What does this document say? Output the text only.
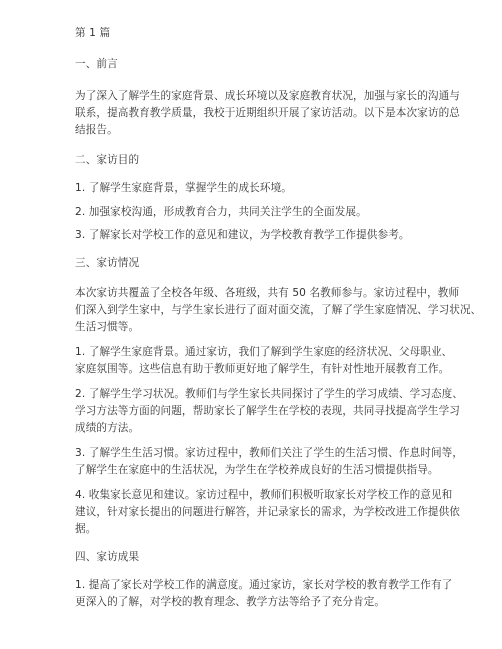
第 1 篇
一、前言
为了深入了解学生的家庭背景、成长环境以及家庭教育状况，加强与家长的沟通与
联系，提高教育教学质量，我校于近期组织开展了家访活动。以下是本次家访的总
结报告。
二、家访目的
1. 了解学生家庭背景，掌握学生的成长环境。
2. 加强家校沟通，形成教育合力，共同关注学生的全面发展。
3. 了解家长对学校工作的意见和建议，为学校教育教学工作提供参考。
三、家访情况
本次家访共覆盖了全校各年级、各班级，共有 50 名教师参与。家访过程中，教师
们深入到学生家中，与学生家长进行了面对面交流，了解了学生家庭情况、学习状况、
生活习惯等。
1. 了解学生家庭背景。通过家访，我们了解到学生家庭的经济状况、父母职业、
家庭氛围等。这些信息有助于教师更好地了解学生，有针对性地开展教育工作。
2. 了解学生学习状况。教师们与学生家长共同探讨了学生的学习成绩、学习态度、
学习方法等方面的问题，帮助家长了解学生在学校的表现，共同寻找提高学生学习
成绩的方法。
3. 了解学生生活习惯。家访过程中，教师们关注了学生的生活习惯、作息时间等，
了解学生在家庭中的生活状况，为学生在学校养成良好的生活习惯提供指导。
4. 收集家长意见和建议。家访过程中，教师们积极听取家长对学校工作的意见和
建议，针对家长提出的问题进行解答，并记录家长的需求，为学校改进工作提供依
据。
四、家访成果
1. 提高了家长对学校工作的满意度。通过家访，家长对学校的教育教学工作有了
更深入的了解，对学校的教育理念、教学方法等给予了充分肯定。
